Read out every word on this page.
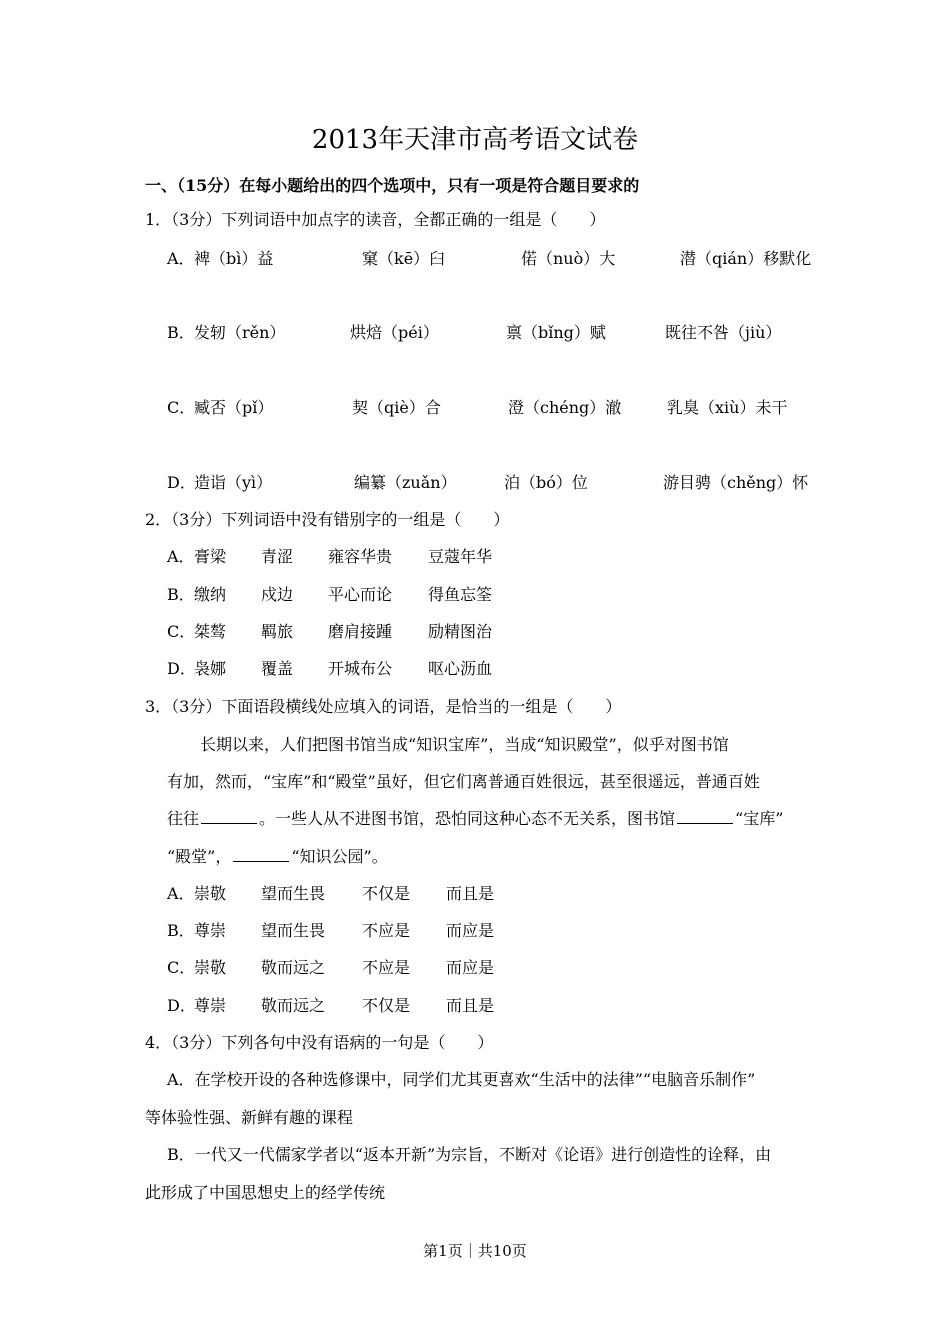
2013年天津市高考语文试卷
一、（15分）在每小题给出的四个选项中，只有一项是符合题目要求的
1．（3分）下列词语中加点字的读音，全都正确的一组是（　　）
A． 裨（bì）益	窠（kē）臼	偌（nuò）大	潜（qián）移默化
B． 发轫（rěn）	烘焙（péi）	禀（bǐng）赋	既往不咎（jiù）
C．
臧否（pǐ）	契（qiè）合	澄（chéng）澈	乳臭（xiù）未干
D．
造诣（yì）	编纂（zuǎn）	泊（bó）位	游目骋（chěng）怀
2．（3分）下列词语中没有错别字的一组是（　　）
A． 膏梁 青涩 雍容华贵 豆蔻年华
B． 缴纳 戍边 平心而论 得鱼忘筌
C．
桀骜 羁旅 磨肩接踵 励精图治
D．
袅娜 覆盖 开城布公 呕心沥血
3．（3分）下面语段横线处应填入的词语，是恰当的一组是（　　）
长期以来，人们把图书馆当成“知识宝库”，当成“知识殿堂”，似乎对图书馆
有加，然而，“宝库”和“殿堂”虽好，但它们离普通百姓很远，甚至很遥远，普通百姓
往往	。一些人从不进图书馆，恐怕同这种心态不无关系，图书馆	“宝库”
“殿堂”，	“知识公园”。
A． 崇敬 望而生畏 不仅是 而且是
B． 尊崇 望而生畏 不应是 而应是
C．
崇敬 敬而远之 不应是 而应是
D．
尊崇 敬而远之 不仅是 而且是
4．（3分）下列各句中没有语病的一句是（　　）
A．在学校开设的各种选修课中，同学们尤其更喜欢“生活中的法律”“电脑音乐制作”
等体验性强、新鲜有趣的课程
B．一代又一代儒家学者以“返本开新”为宗旨，不断对《论语》进行创造性的诠释，由
此形成了中国思想史上的经学传统
第1页｜共10页
